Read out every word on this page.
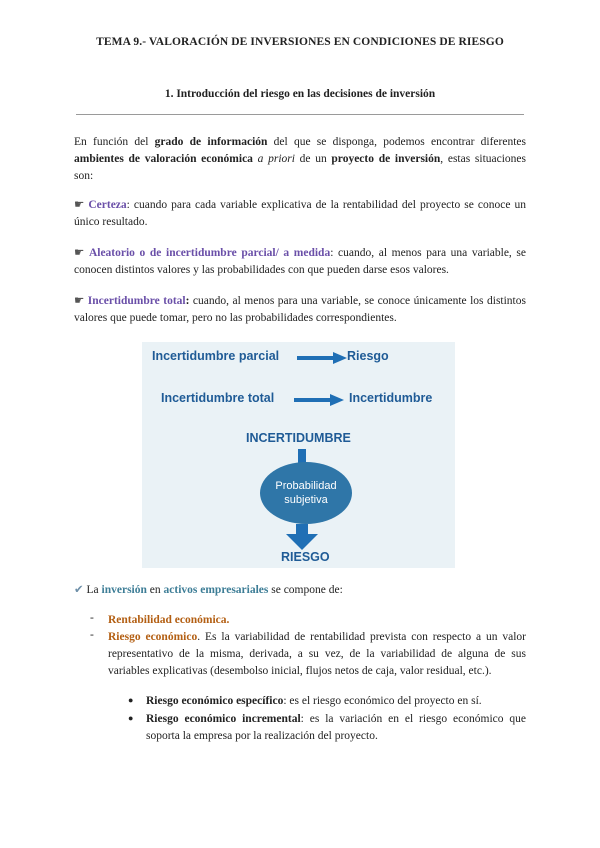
TEMA 9.- VALORACIÓN DE INVERSIONES EN CONDICIONES DE RIESGO
1. Introducción del riesgo en las decisiones de inversión
En función del grado de información del que se disponga, podemos encontrar diferentes ambientes de valoración económica a priori de un proyecto de inversión, estas situaciones son:
☛ Certeza: cuando para cada variable explicativa de la rentabilidad del proyecto se conoce un único resultado.
☛ Aleatorio o de incertidumbre parcial/ a medida: cuando, al menos para una variable, se conocen distintos valores y las probabilidades con que pueden darse esos valores.
☛ Incertidumbre total: cuando, al menos para una variable, se conoce únicamente los distintos valores que puede tomar, pero no las probabilidades correspondientes.
Incertidumbre parcial	Riesgo
Incertidumbre total	Incertidumbre
INCERTIDUMBRE
Probabilidad
subjetiva
RIESGO
✔ La inversión en activos empresariales se compone de:
- Rentabilidad económica.
- Riesgo económico. Es la variabilidad de rentabilidad prevista con respecto a un valor representativo de la misma, derivada, a su vez, de la variabilidad de alguna de sus variables explicativas (desembolso inicial, flujos netos de caja, valor residual, etc.).
● Riesgo económico específico: es el riesgo económico del proyecto en sí.
● Riesgo económico incremental: es la variación en el riesgo económico que soporta la empresa por la realización del proyecto.
